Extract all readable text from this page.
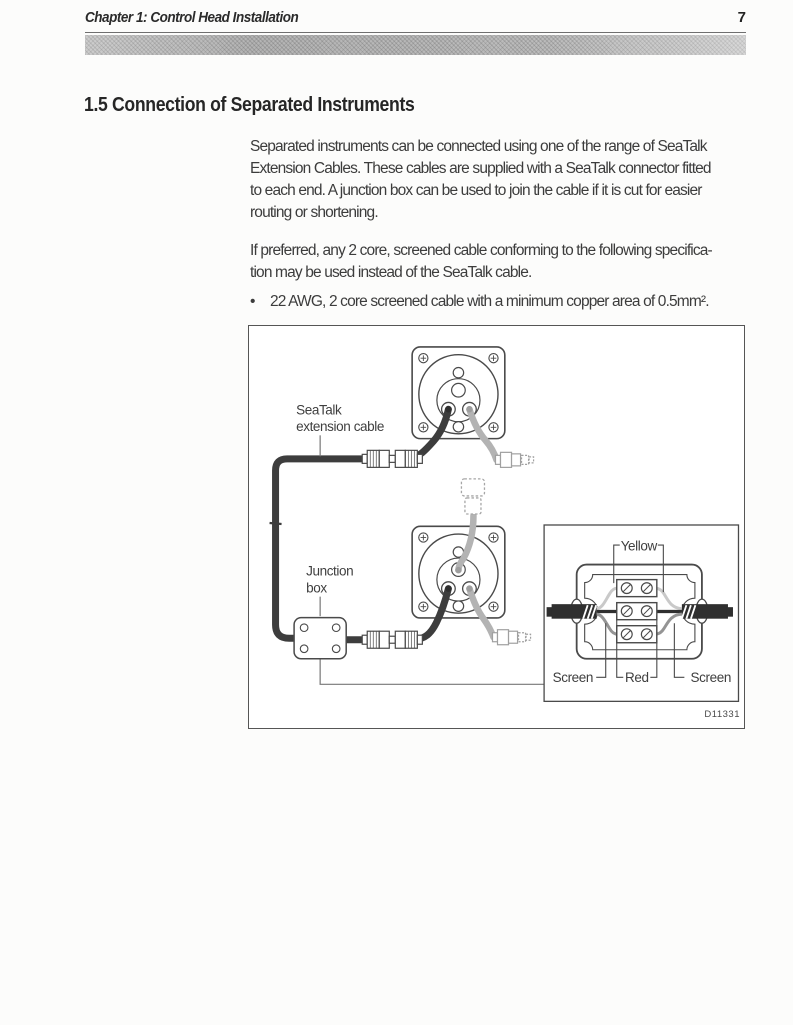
Chapter 1: Control Head Installation	7
1.5 Connection of Separated Instruments

Separated instruments can be connected using one of the range of SeaTalk
Extension Cables. These cables are supplied with a SeaTalk connector fitted
to each end. A junction box can be used to join the cable if it is cut for easier
routing or shortening.

If preferred, any 2 core, screened cable conforming to the following specifica-
tion may be used instead of the SeaTalk cable.

• 22 AWG, 2 core screened cable with a minimum copper area of 0.5mm².
SeaTalk
extension cable
Junction
box
Yellow
Screen Red	Screen
D11331
